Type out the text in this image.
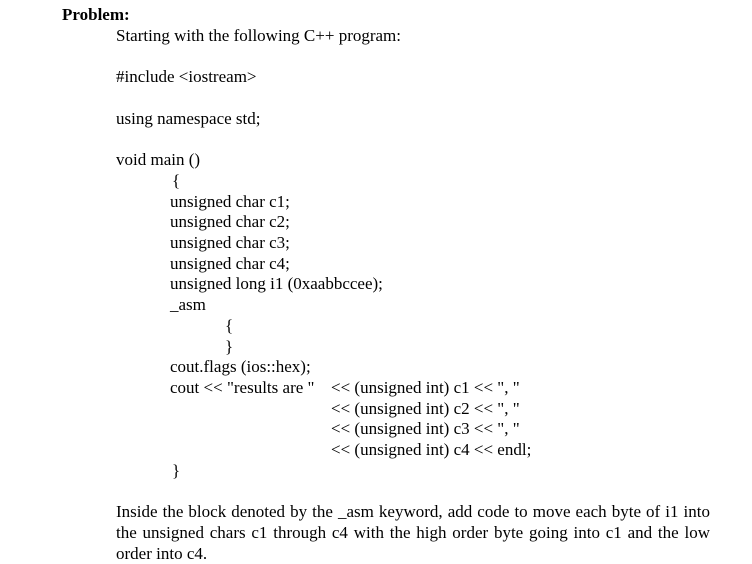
Problem:
Starting with the following C++ program:
#include <iostream>
using namespace std;
void main ()
{
unsigned char c1;
unsigned char c2;
unsigned char c3;
unsigned char c4;
unsigned long i1 (0xaabbccee);
_asm
{
}
cout.flags (ios::hex);
cout << "results are " << (unsigned int) c1 << ", "
<< (unsigned int) c2 << ", "
<< (unsigned int) c3 << ", "
<< (unsigned int) c4 << endl;
}
Inside the block denoted by the _asm keyword, add code to move each byte of i1 into the unsigned chars c1 through c4 with the high order byte going into c1 and the low order into c4.
